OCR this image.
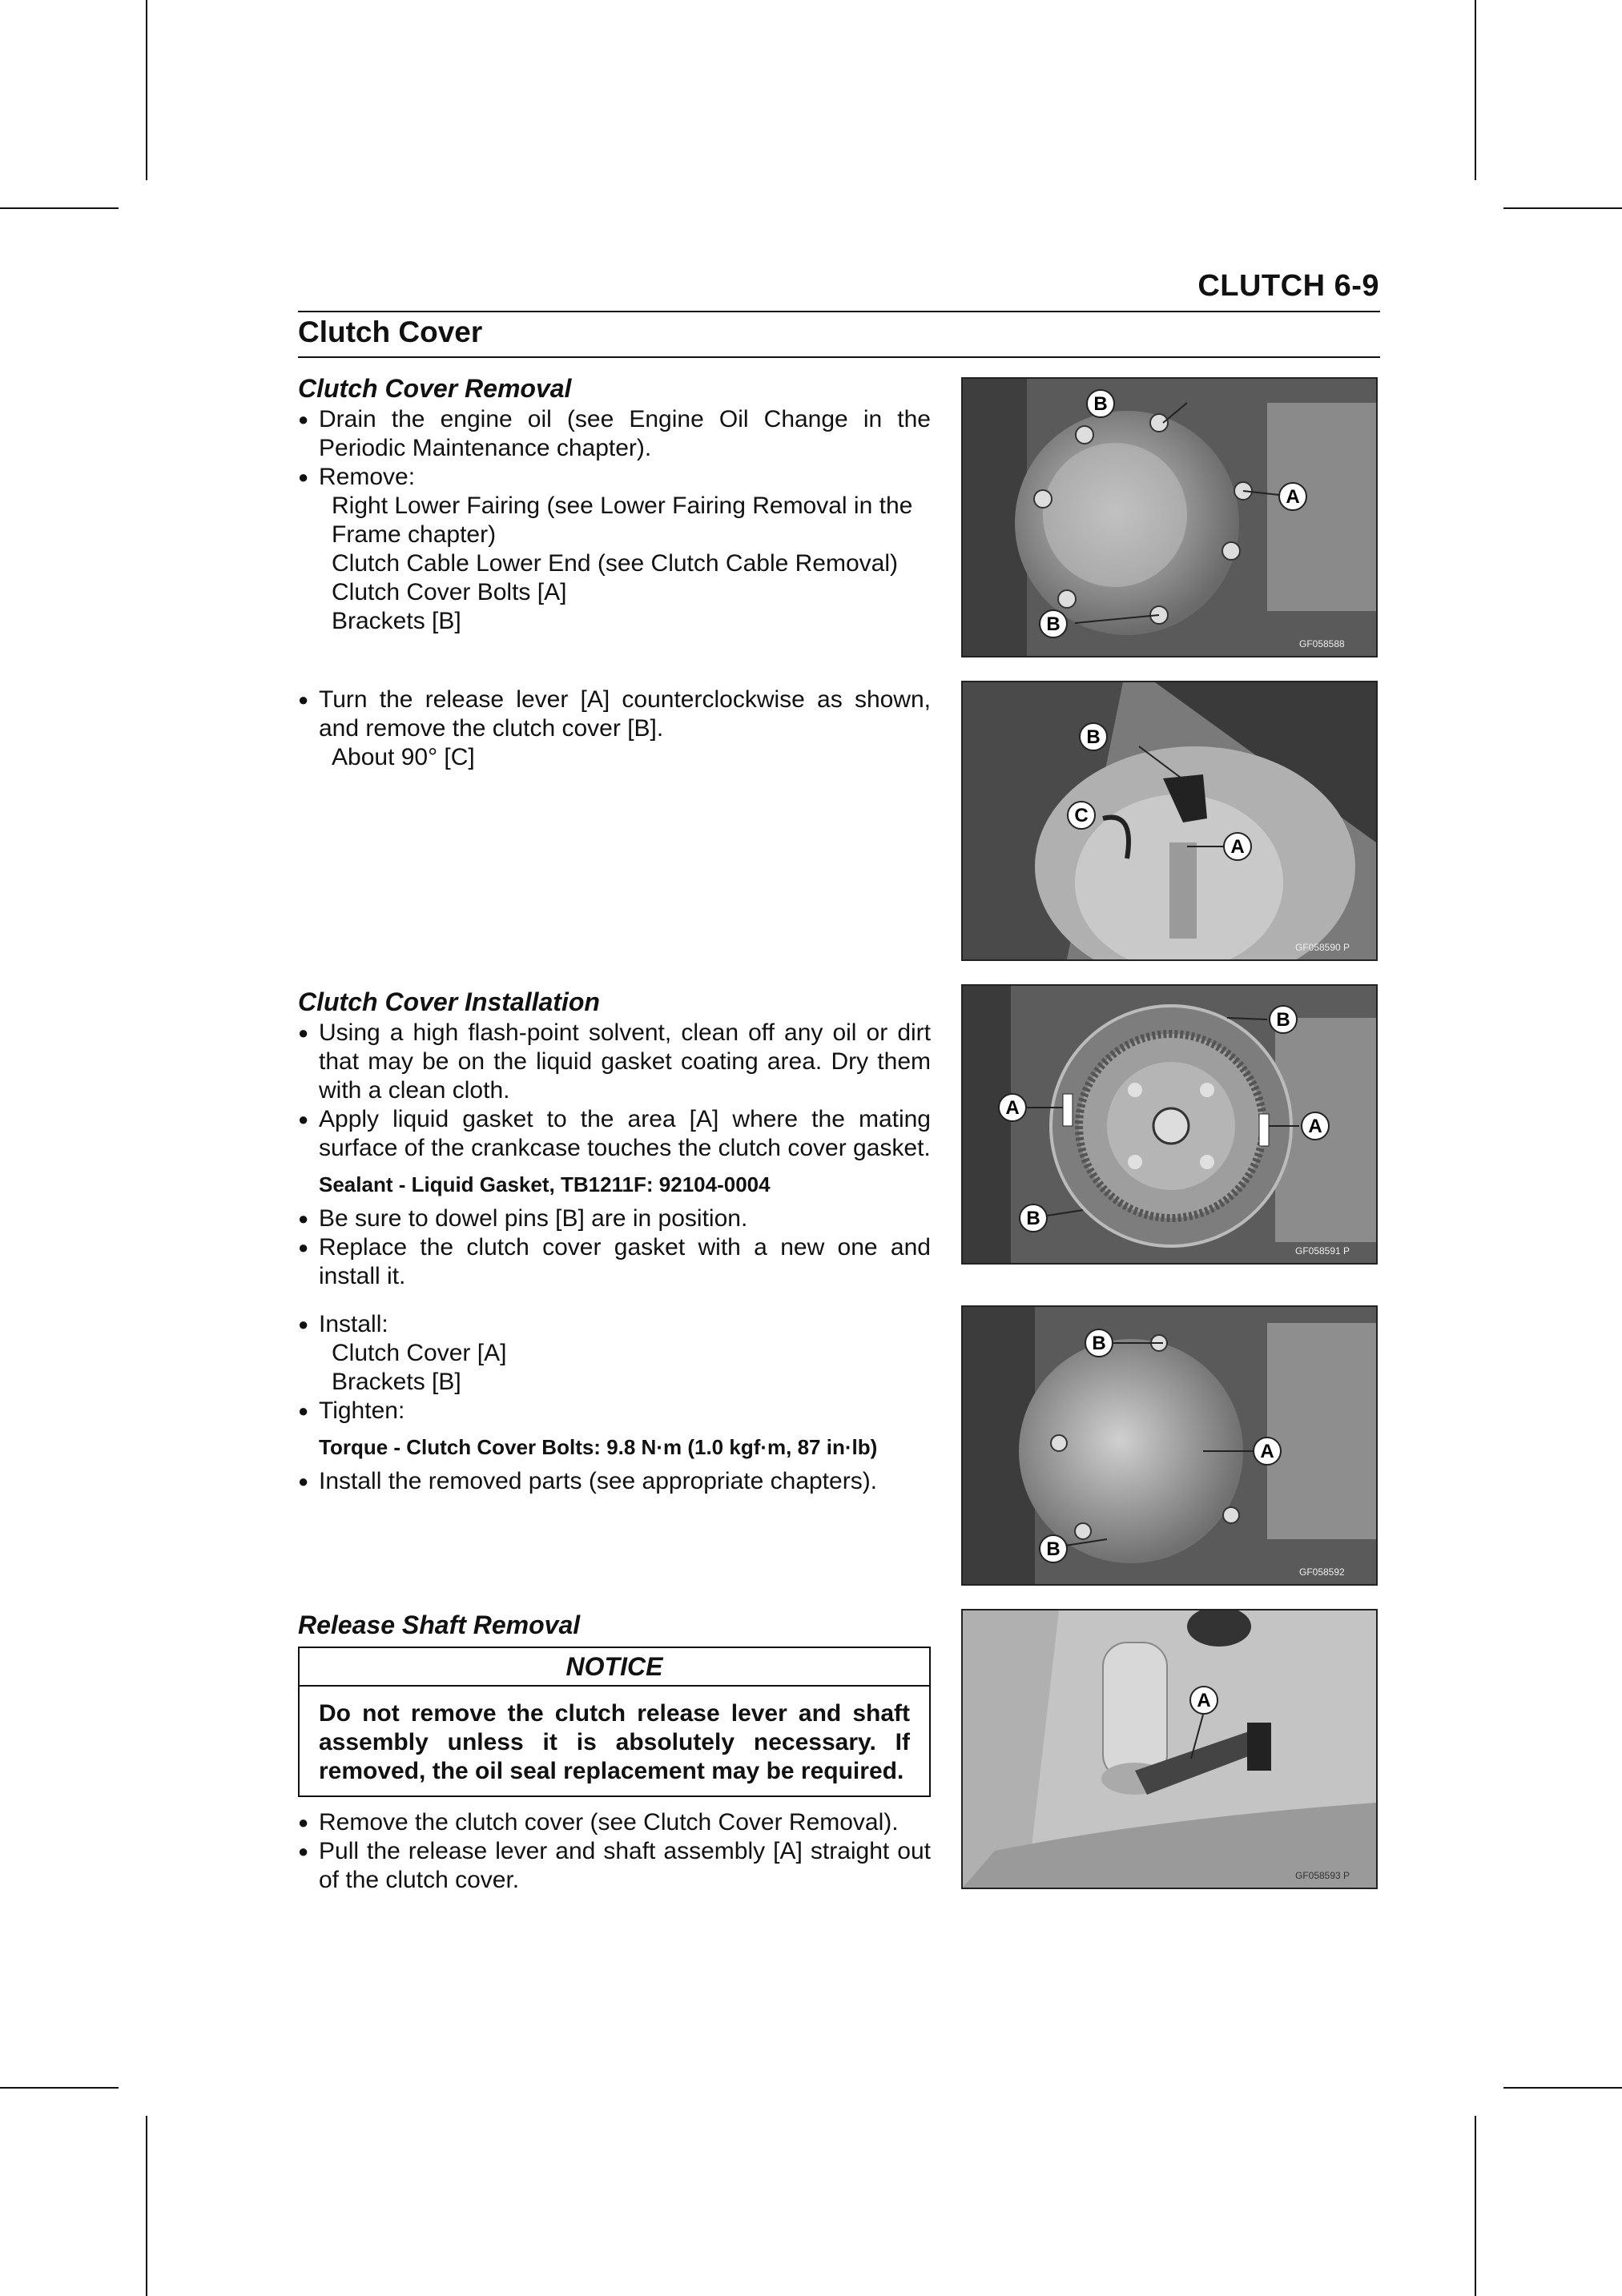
CLUTCH 6-9
Clutch Cover
Clutch Cover Removal
● Drain the engine oil (see Engine Oil Change in the Periodic Maintenance chapter).
● Remove:
Right Lower Fairing (see Lower Fairing Removal in the Frame chapter)
Clutch Cable Lower End (see Clutch Cable Removal)
Clutch Cover Bolts [A]
Brackets [B]
● Turn the release lever [A] counterclockwise as shown, and remove the clutch cover [B].
About 90° [C]
Clutch Cover Installation
● Using a high flash-point solvent, clean off any oil or dirt that may be on the liquid gasket coating area. Dry them with a clean cloth.
● Apply liquid gasket to the area [A] where the mating surface of the crankcase touches the clutch cover gasket.
Sealant - Liquid Gasket, TB1211F: 92104-0004
● Be sure to dowel pins [B] are in position.
● Replace the clutch cover gasket with a new one and install it.
● Install:
Clutch Cover [A]
Brackets [B]
● Tighten:
Torque - Clutch Cover Bolts: 9.8 N·m (1.0 kgf·m, 87 in·lb)
● Install the removed parts (see appropriate chapters).
Release Shaft Removal
NOTICE
Do not remove the clutch release lever and shaft assembly unless it is absolutely necessary. If removed, the oil seal replacement may be required.
● Remove the clutch cover (see Clutch Cover Removal).
● Pull the release lever and shaft assembly [A] straight out of the clutch cover.
B
A
B
GF058588
B
C
A
GF058590 P
A
A
B
B
GF058591 P
B
A
B
GF058592
A
GF058593 P
